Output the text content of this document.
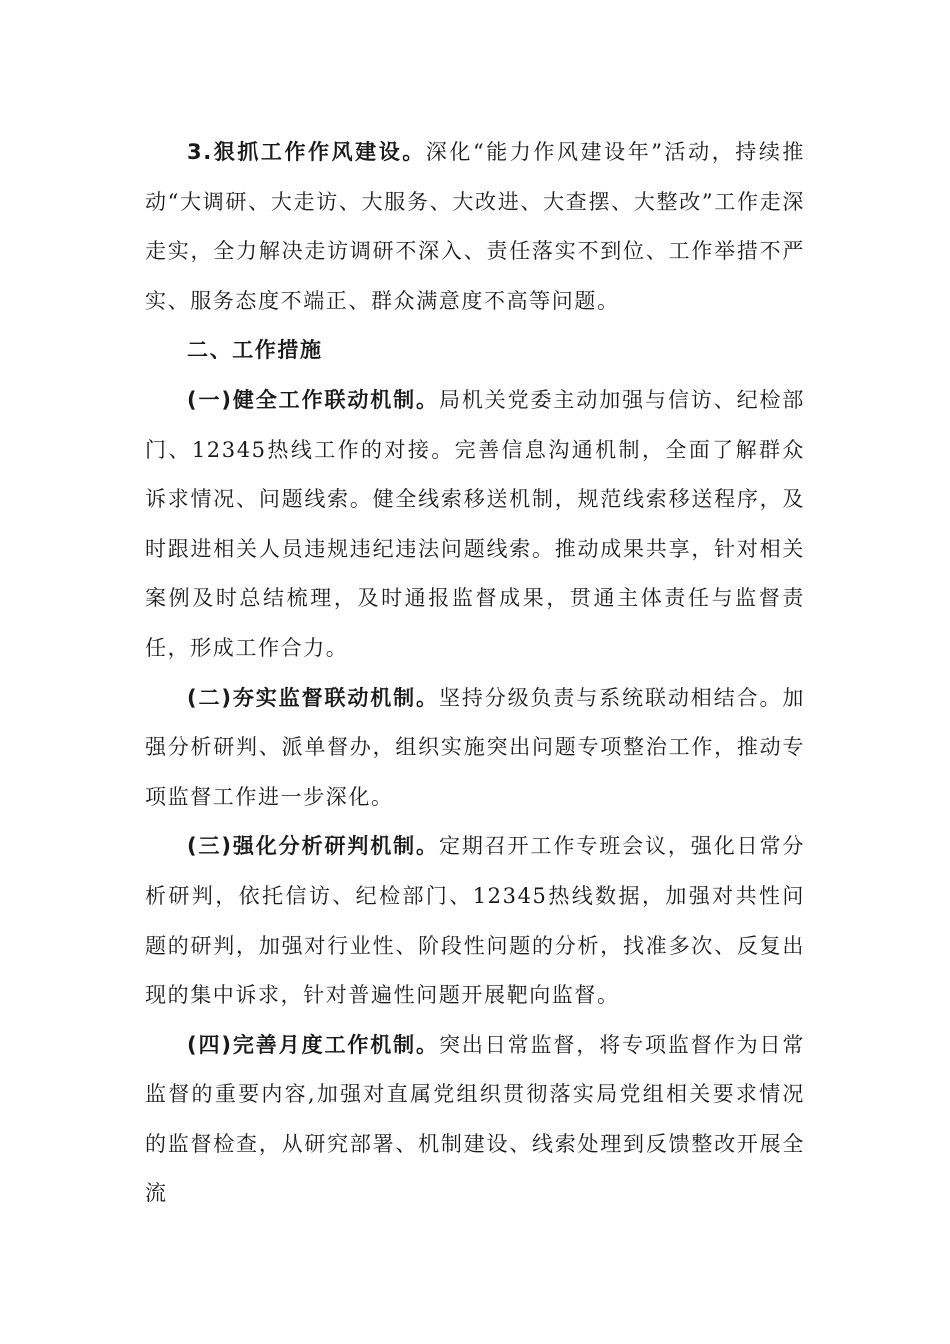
3.狠抓工作作风建设。深化“能力作风建设年”活动，持续推动“大调研、大走访、大服务、大改进、大查摆、大整改”工作走深走实，全力解决走访调研不深入、责任落实不到位、工作举措不严实、服务态度不端正、群众满意度不高等问题。

二、工作措施

(一)健全工作联动机制。局机关党委主动加强与信访、纪检部门、12345热线工作的对接。完善信息沟通机制，全面了解群众诉求情况、问题线索。健全线索移送机制，规范线索移送程序，及时跟进相关人员违规违纪违法问题线索。推动成果共享，针对相关案例及时总结梳理，及时通报监督成果，贯通主体责任与监督责任，形成工作合力。

(二)夯实监督联动机制。坚持分级负责与系统联动相结合。加强分析研判、派单督办，组织实施突出问题专项整治工作，推动专项监督工作进一步深化。

(三)强化分析研判机制。定期召开工作专班会议，强化日常分析研判，依托信访、纪检部门、12345热线数据，加强对共性问题的研判，加强对行业性、阶段性问题的分析，找准多次、反复出现的集中诉求，针对普遍性问题开展靶向监督。

(四)完善月度工作机制。突出日常监督，将专项监督作为日常监督的重要内容,加强对直属党组织贯彻落实局党组相关要求情况的监督检查，从研究部署、机制建设、线索处理到反馈整改开展全流
